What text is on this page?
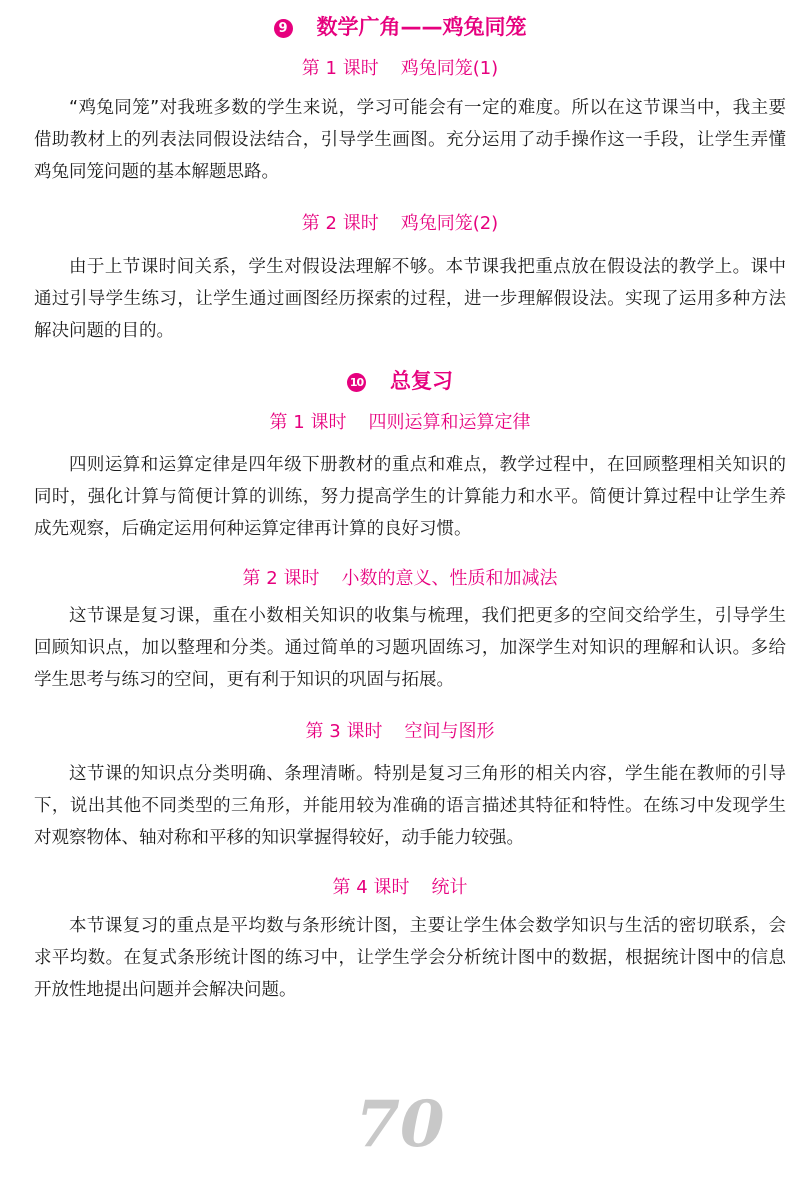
9 数学广角——鸡兔同笼
第 1 课时 鸡兔同笼(1)

“鸡兔同笼”对我班多数的学生来说，学习可能会有一定的难度。所以在这节课当中，我主要借助教材上的列表法同假设法结合，引导学生画图。充分运用了动手操作这一手段，让学生弄懂鸡兔同笼问题的基本解题思路。

第 2 课时 鸡兔同笼(2)

由于上节课时间关系，学生对假设法理解不够。本节课我把重点放在假设法的教学上。课中通过引导学生练习，让学生通过画图经历探索的过程，进一步理解假设法。实现了运用多种方法解决问题的目的。

10 总复习
第 1 课时 四则运算和运算定律

四则运算和运算定律是四年级下册教材的重点和难点，教学过程中，在回顾整理相关知识的同时，强化计算与简便计算的训练，努力提高学生的计算能力和水平。简便计算过程中让学生养成先观察，后确定运用何种运算定律再计算的良好习惯。

第 2 课时 小数的意义、性质和加减法

这节课是复习课，重在小数相关知识的收集与梳理，我们把更多的空间交给学生，引导学生回顾知识点，加以整理和分类。通过简单的习题巩固练习，加深学生对知识的理解和认识。多给学生思考与练习的空间，更有利于知识的巩固与拓展。

第 3 课时 空间与图形

这节课的知识点分类明确、条理清晰。特别是复习三角形的相关内容，学生能在教师的引导下，说出其他不同类型的三角形，并能用较为准确的语言描述其特征和特性。在练习中发现学生对观察物体、轴对称和平移的知识掌握得较好，动手能力较强。

第 4 课时 统计

本节课复习的重点是平均数与条形统计图，主要让学生体会数学知识与生活的密切联系，会求平均数。在复式条形统计图的练习中，让学生学会分析统计图中的数据，根据统计图中的信息开放性地提出问题并会解决问题。

70
